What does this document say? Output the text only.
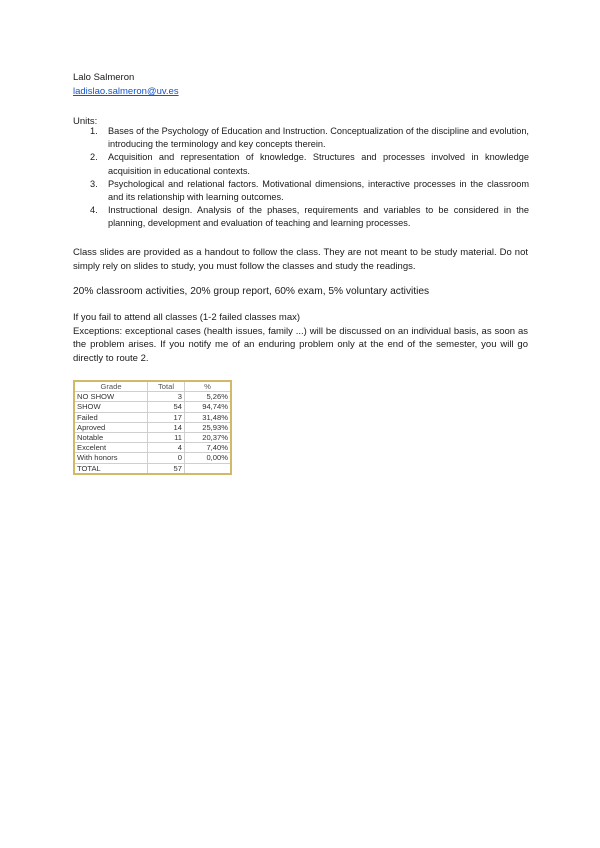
Lalo Salmeron
ladislao.salmeron@uv.es
Units:
1. Bases of the Psychology of Education and Instruction. Conceptualization of the discipline and evolution, introducing the terminology and key concepts therein.
2. Acquisition and representation of knowledge. Structures and processes involved in knowledge acquisition in educational contexts.
3. Psychological and relational factors. Motivational dimensions, interactive processes in the classroom and its relationship with learning outcomes.
4. Instructional design. Analysis of the phases, requirements and variables to be considered in the planning, development and evaluation of teaching and learning processes.
Class slides are provided as a handout to follow the class. They are not meant to be study material. Do not simply rely on slides to study, you must follow the classes and study the readings.
20% classroom activities, 20% group report, 60% exam, 5% voluntary activities
If you fail to attend all classes (1-2 failed classes max)
Exceptions: exceptional cases (health issues, family ...) will be discussed on an individual basis, as soon as the problem arises. If you notify me of an enduring problem only at the end of the semester, you will go directly to route 2.
Grade	Total	%
NO SHOW	3	5,26%
SHOW	54	94,74%
Failed	17	31,48%
Aproved	14	25,93%
Notable	11	20,37%
Excelent	4	7,40%
With honors	0	0,00%
TOTAL	57	
